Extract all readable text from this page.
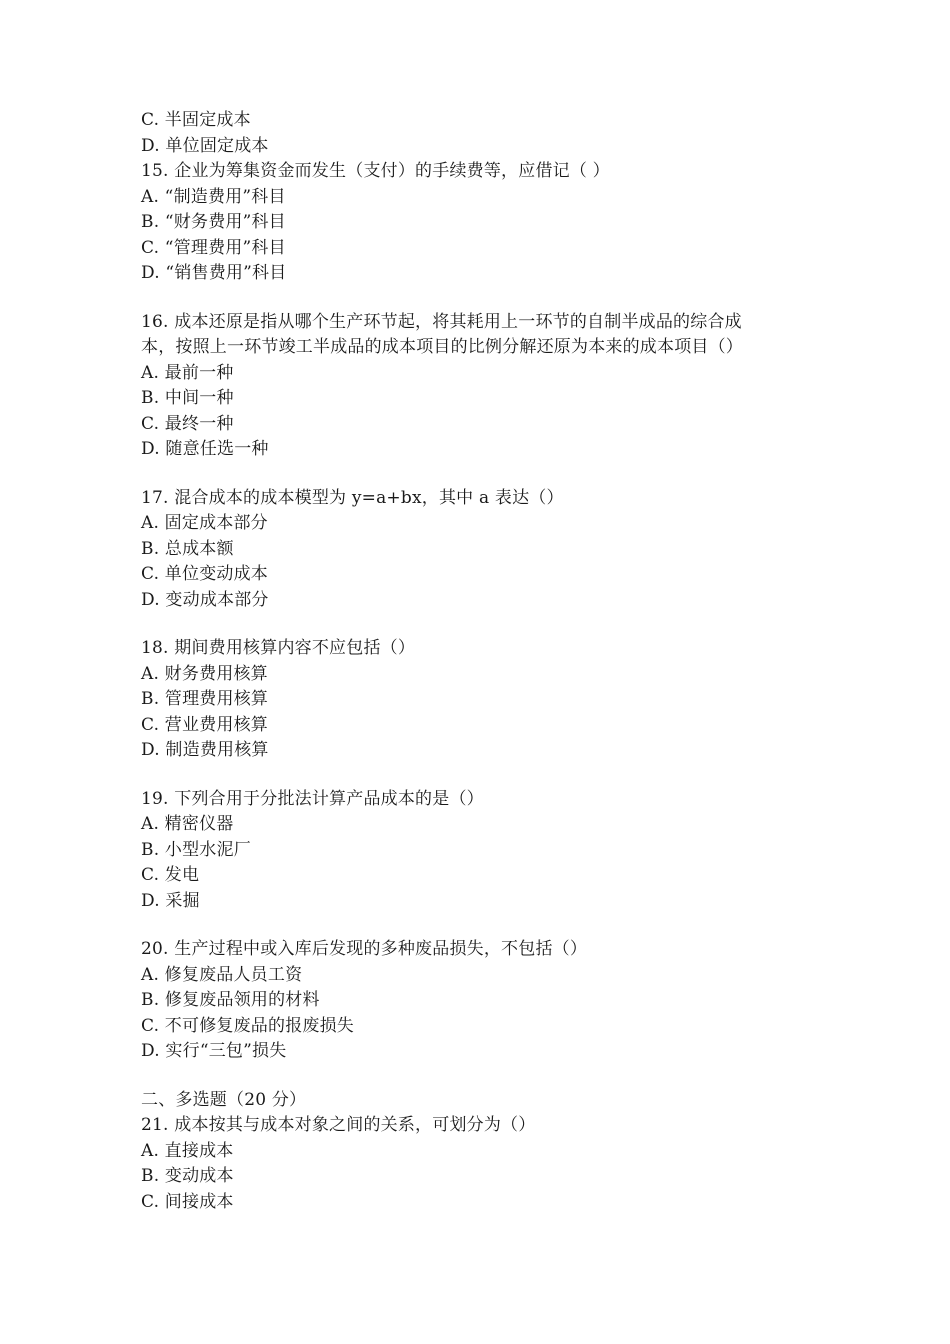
C. 半固定成本
D. 单位固定成本
15. 企业为筹集资金而发生（支付）的手续费等，应借记（ ）
A. “制造费用”科目
B. “财务费用”科目
C. “管理费用”科目
D. “销售费用”科目
16. 成本还原是指从哪个生产环节起，将其耗用上一环节的自制半成品的综合成
本，按照上一环节竣工半成品的成本项目的比例分解还原为本来的成本项目（）
A. 最前一种
B. 中间一种
C. 最终一种
D. 随意任选一种
17. 混合成本的成本模型为 y=a+bx，其中 a 表达（）
A. 固定成本部分
B. 总成本额
C. 单位变动成本
D. 变动成本部分
18. 期间费用核算内容不应包括（）
A. 财务费用核算
B. 管理费用核算
C. 营业费用核算
D. 制造费用核算
19. 下列合用于分批法计算产品成本的是（）
A. 精密仪器
B. 小型水泥厂
C. 发电
D. 采掘
20. 生产过程中或入库后发现的多种废品损失，不包括（）
A. 修复废品人员工资
B. 修复废品领用的材料
C. 不可修复废品的报废损失
D. 实行“三包”损失
二、多选题（20 分）
21. 成本按其与成本对象之间的关系，可划分为（）
A. 直接成本
B. 变动成本
C. 间接成本
